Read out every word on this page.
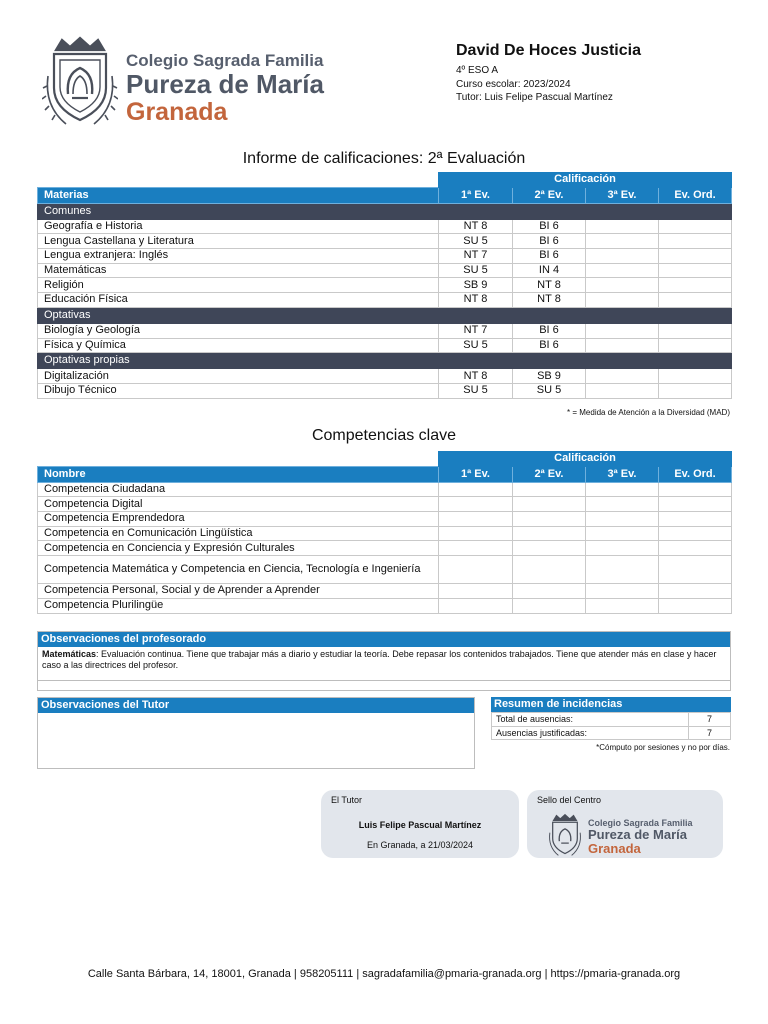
Colegio Sagrada Familia
Pureza de María
Granada
David De Hoces Justicia
4º ESO A
Curso escolar: 2023/2024
Tutor: Luis Felipe Pascual Martínez
Informe de calificaciones: 2ª Evaluación
	Calificación			
Materias	1ª Ev.	2ª Ev.	3ª Ev.	Ev. Ord.
Comunes				
Geografía e Historia	NT 8	BI 6		
Lengua Castellana y Literatura	SU 5	BI 6		
Lengua extranjera: Inglés	NT 7	BI 6		
Matemáticas	SU 5	IN 4		
Religión	SB 9	NT 8		
Educación Física	NT 8	NT 8		
Optativas				
Biología y Geología	NT 7	BI 6		
Física y Química	SU 5	BI 6		
Optativas propias				
Digitalización	NT 8	SB 9		
Dibujo Técnico	SU 5	SU 5		
* = Medida de Atención a la Diversidad (MAD)
Competencias clave
	Calificación			
Nombre	1ª Ev.	2ª Ev.	3ª Ev.	Ev. Ord.
Competencia Ciudadana				
Competencia Digital				
Competencia Emprendedora				
Competencia en Comunicación Lingüística				
Competencia en Conciencia y Expresión Culturales				
Competencia Matemática y Competencia en Ciencia, Tecnología e Ingeniería				
Competencia Personal, Social y de Aprender a Aprender				
Competencia Plurilingüe				
Observaciones del profesorado
Matemáticas: Evaluación continua. Tiene que trabajar más a diario y estudiar la teoría. Debe repasar los contenidos trabajados. Tiene que atender más en clase y hacer caso a las directrices del profesor.
Observaciones del Tutor	Resumen de incidencias
Total de ausencias:	7
Ausencias justificadas:	7
*Cómputo por sesiones y no por días.
El Tutor
Luis Felipe Pascual Martínez
En Granada, a 21/03/2024
Sello del Centro
Colegio Sagrada Familia
Pureza de María
Granada
Calle Santa Bárbara, 14, 18001, Granada | 958205111 | sagradafamilia@pmaria-granada.org | https://pmaria-granada.org
